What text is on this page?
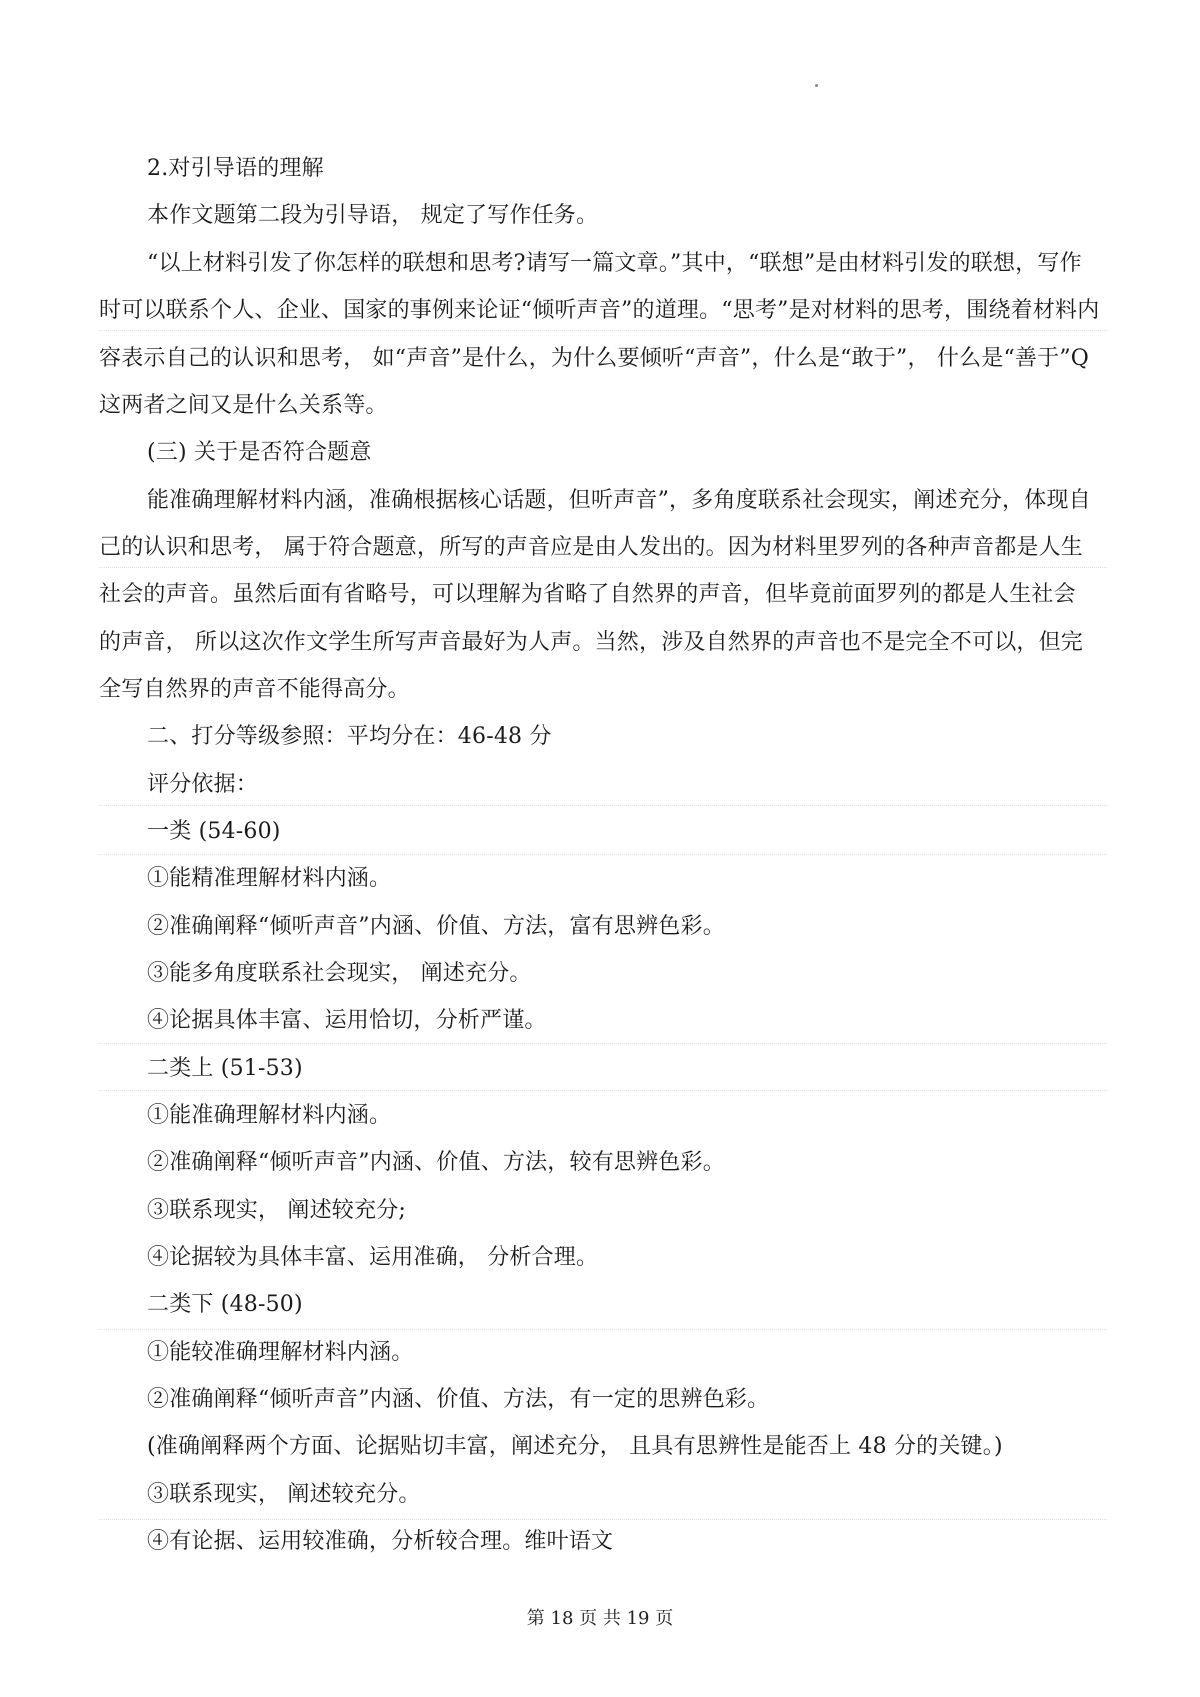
2.对引导语的理解
本作文题第二段为引导语， 规定了写作任务。
“以上材料引发了你怎样的联想和思考?请写一篇文章。”其中，“联想”是由材料引发的联想，写作
时可以联系个人、企业、国家的事例来论证“倾听声音”的道理。“思考”是对材料的思考，围绕着材料内
容表示自己的认识和思考， 如“声音”是什么，为什么要倾听“声音”，什么是“敢于”， 什么是“善于”Q
这两者之间又是什么关系等。
(三) 关于是否符合题意
能准确理解材料内涵，准确根据核心话题，但听声音”，多角度联系社会现实，阐述充分，体现自
己的认识和思考， 属于符合题意，所写的声音应是由人发出的。因为材料里罗列的各种声音都是人生
社会的声音。虽然后面有省略号，可以理解为省略了自然界的声音，但毕竟前面罗列的都是人生社会
的声音， 所以这次作文学生所写声音最好为人声。当然，涉及自然界的声音也不是完全不可以，但完
全写自然界的声音不能得高分。
二、打分等级参照：平均分在：46-48 分
评分依据：
一类 (54-60)
①能精准理解材料内涵。
②准确阐释“倾听声音”内涵、价值、方法，富有思辨色彩。
③能多角度联系社会现实， 阐述充分。
④论据具体丰富、运用恰切，分析严谨。
二类上 (51-53)
①能准确理解材料内涵。
②准确阐释“倾听声音”内涵、价值、方法，较有思辨色彩。
③联系现实， 阐述较充分;
④论据较为具体丰富、运用准确， 分析合理。
二类下 (48-50)
①能较准确理解材料内涵。
②准确阐释“倾听声音”内涵、价值、方法，有一定的思辨色彩。
(准确阐释两个方面、论据贴切丰富，阐述充分， 且具有思辨性是能否上 48 分的关键。)
③联系现实， 阐述较充分。
④有论据、运用较准确，分析较合理。维叶语文
第 18 页 共 19 页
